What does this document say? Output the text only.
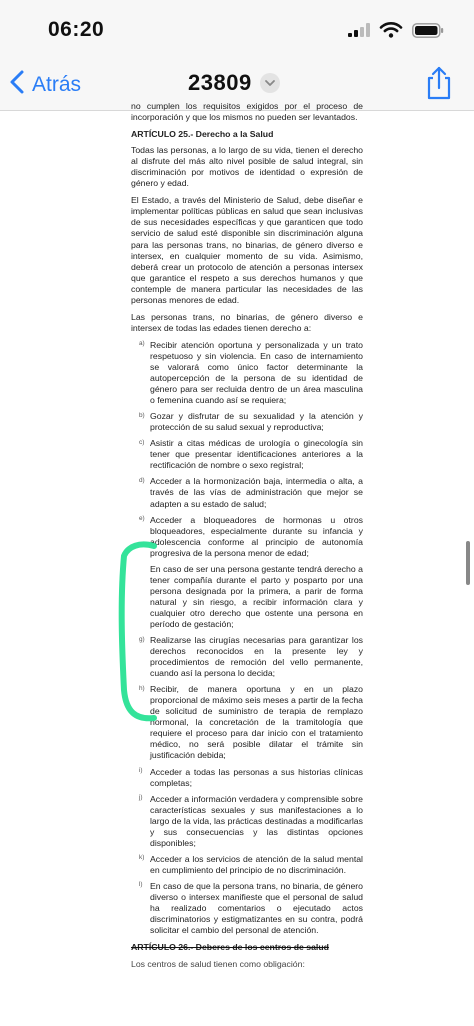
06:20
Atrás	23809

no cumplen los requisitos exigidos por el proceso de incorporación y que los mismos no pueden ser levantados.

ARTÍCULO 25.- Derecho a la Salud

Todas las personas, a lo largo de su vida, tienen el derecho al disfrute del más alto nivel posible de salud integral, sin discriminación por motivos de identidad o expresión de género y edad.

El Estado, a través del Ministerio de Salud, debe diseñar e implementar políticas públicas en salud que sean inclusivas de sus necesidades específicas y que garanticen que todo servicio de salud esté disponible sin discriminación alguna para las personas trans, no binarias, de género diverso e intersex, en cualquier momento de su vida. Asimismo, deberá crear un protocolo de atención a personas intersex que garantice el respeto a sus derechos humanos y que contemple de manera particular las necesidades de las personas menores de edad.

Las personas trans, no binarias, de género diverso e intersex de todas las edades tienen derecho a:

a) Recibir atención oportuna y personalizada y un trato respetuoso y sin violencia. En caso de internamiento se valorará como único factor determinante la autopercepción de la persona de su identidad de género para ser recluida dentro de un área masculina o femenina cuando así se requiera;
b) Gozar y disfrutar de su sexualidad y la atención y protección de su salud sexual y reproductiva;
c) Asistir a citas médicas de urología o ginecología sin tener que presentar identificaciones anteriores a la rectificación de nombre o sexo registral;
d) Acceder a la hormonización baja, intermedia o alta, a través de las vías de administración que mejor se adapten a su estado de salud;
e) Acceder a bloqueadores de hormonas u otros bloqueadores, especialmente durante su infancia y adolescencia conforme al principio de autonomía progresiva de la persona menor de edad;
En caso de ser una persona gestante tendrá derecho a tener compañía durante el parto y posparto por una persona designada por la primera, a parir de forma natural y sin riesgo, a recibir información clara y cualquier otro derecho que ostente una persona en período de gestación;
g) Realizarse las cirugías necesarias para garantizar los derechos reconocidos en la presente ley y procedimientos de remoción del vello permanente, cuando así la persona lo decida;
h) Recibir, de manera oportuna y en un plazo proporcional de máximo seis meses a partir de la fecha de solicitud de suministro de terapia de remplazo hormonal, la concretación de la tramitología que requiere el proceso para dar inicio con el tratamiento médico, no será posible dilatar el trámite sin justificación debida;
i) Acceder a todas las personas a sus historias clínicas completas;
j) Acceder a información verdadera y comprensible sobre características sexuales y sus manifestaciones a lo largo de la vida, las prácticas destinadas a modificarlas y sus consecuencias y las distintas opciones disponibles;
k) Acceder a los servicios de atención de la salud mental en cumplimiento del principio de no discriminación.
l) En caso de que la persona trans, no binaria, de género diverso o intersex manifieste que el personal de salud ha realizado comentarios o ejecutado actos discriminatorios y estigmatizantes en su contra, podrá solicitar el cambio del personal de atención.

ARTÍCULO 26.- Deberes de los centros de salud

Los centros de salud tienen como obligación:
